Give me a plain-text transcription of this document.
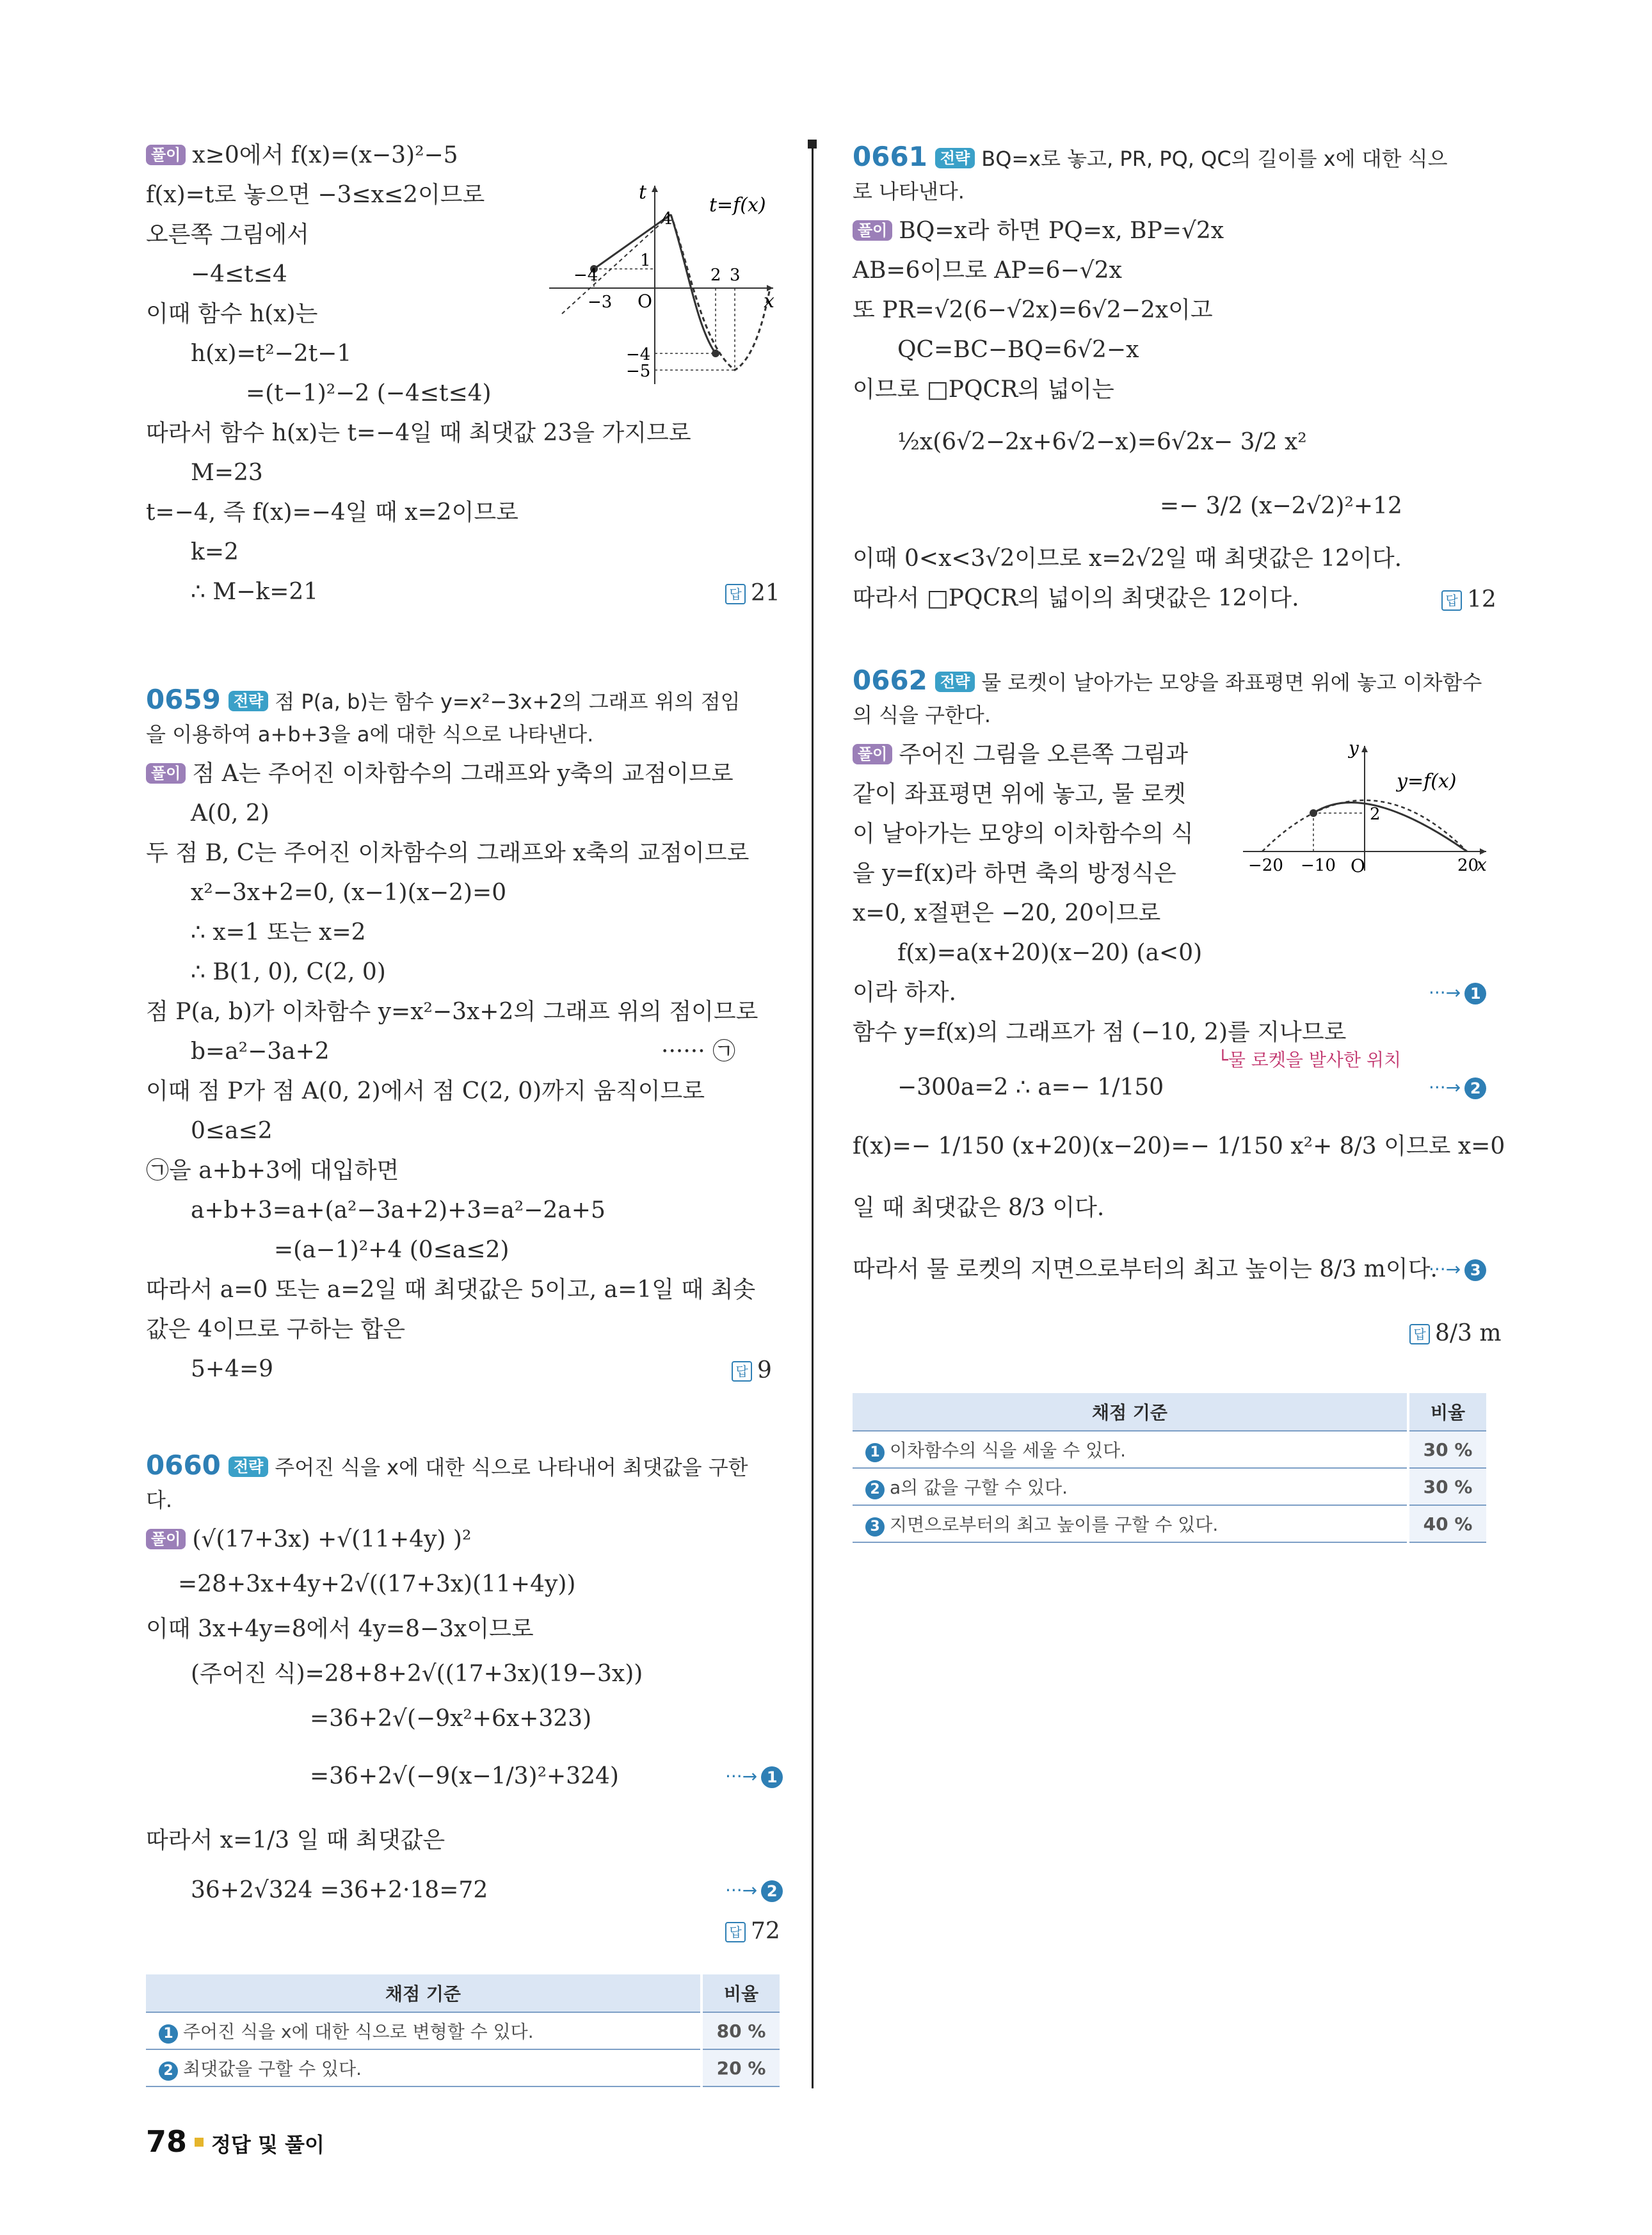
풀이 x≥0에서 f(x)=(x−3)²−5
f(x)=t로 놓으면 −3≤x≤2이므로
오른쪽 그림에서
−4≤t≤4
이때 함수 h(x)는
h(x)=t²−2t−1
=(t−1)²−2 (−4≤t≤4)
따라서 함수 h(x)는 t=−4일 때 최댓값 23을 가지므로
M=23
t=−4, 즉 f(x)=−4일 때 x=2이므로
k=2
∴ M−k=21	답 21
t=f(x)
t
x
O
4
1
−4
−5
−4
−3
2 3
0659 전략 점 P(a, b)는 함수 y=x²−3x+2의 그래프 위의 점임
을 이용하여 a+b+3을 a에 대한 식으로 나타낸다.
풀이 점 A는 주어진 이차함수의 그래프와 y축의 교점이므로
A(0, 2)
두 점 B, C는 주어진 이차함수의 그래프와 x축의 교점이므로
x²−3x+2=0, (x−1)(x−2)=0
∴ x=1 또는 x=2
∴ B(1, 0), C(2, 0)
점 P(a, b)가 이차함수 y=x²−3x+2의 그래프 위의 점이므로
b=a²−3a+2	······ ㉠
이때 점 P가 점 A(0, 2)에서 점 C(2, 0)까지 움직이므로
0≤a≤2
㉠을 a+b+3에 대입하면
a+b+3=a+(a²−3a+2)+3=a²−2a+5
=(a−1)²+4 (0≤a≤2)
따라서 a=0 또는 a=2일 때 최댓값은 5이고, a=1일 때 최솟
값은 4이므로 구하는 합은
5+4=9	답 9
0660 전략 주어진 식을 x에 대한 식으로 나타내어 최댓값을 구한
다.
풀이 (√(17+3x) +√(11+4y) )²
=28+3x+4y+2√((17+3x)(11+4y))
이때 3x+4y=8에서 4y=8−3x이므로
(주어진 식)=28+8+2√((17+3x)(19−3x))
=36+2√(−9x²+6x+323)
=36+2√(−9(x−1/3)²+324)	···→ 1
따라서 x=1/3 일 때 최댓값은
36+2√324 =36+2·18=72	···→ 2
답 72
채점 기준	비율
1 주어진 식을 x에 대한 식으로 변형할 수 있다.	80 %
2 최댓값을 구할 수 있다.	20 %
0661 전략 BQ=x로 놓고, PR, PQ, QC의 길이를 x에 대한 식으
로 나타낸다.
풀이 BQ=x라 하면 PQ=x, BP=√2x
AB=6이므로 AP=6−√2x
또 PR=√2(6−√2x)=6√2−2x이고
QC=BC−BQ=6√2−x
이므로 □PQCR의 넓이는
½x(6√2−2x+6√2−x)=6√2x− 3/2 x²
=− 3/2 (x−2√2)²+12
이때 0<x<3√2이므로 x=2√2일 때 최댓값은 12이다.
따라서 □PQCR의 넓이의 최댓값은 12이다.	답 12
0662 전략 물 로켓이 날아가는 모양을 좌표평면 위에 놓고 이차함수
의 식을 구한다.
풀이 주어진 그림을 오른쪽 그림과
같이 좌표평면 위에 놓고, 물 로켓
이 날아가는 모양의 이차함수의 식
을 y=f(x)라 하면 축의 방정식은
x=0, x절편은 −20, 20이므로
f(x)=a(x+20)(x−20) (a<0)
이라 하자.	···→ 1
함수 y=f(x)의 그래프가 점 (−10, 2)를 지나므로
└물 로켓을 발사한 위치
−300a=2 ∴ a=− 1/150	···→ 2
f(x)=− 1/150 (x+20)(x−20)=− 1/150 x²+ 8/3 이므로 x=0
일 때 최댓값은 8/3 이다.
따라서 물 로켓의 지면으로부터의 최고 높이는 8/3 m이다.
···→ 3
답 8/3 m
y=f(x)
y
x
O
2
−20 −10	20
채점 기준	비율
1 이차함수의 식을 세울 수 있다.	30 %
2 a의 값을 구할 수 있다.	30 %
3 지면으로부터의 최고 높이를 구할 수 있다.	40 %
78 정답 및 풀이
